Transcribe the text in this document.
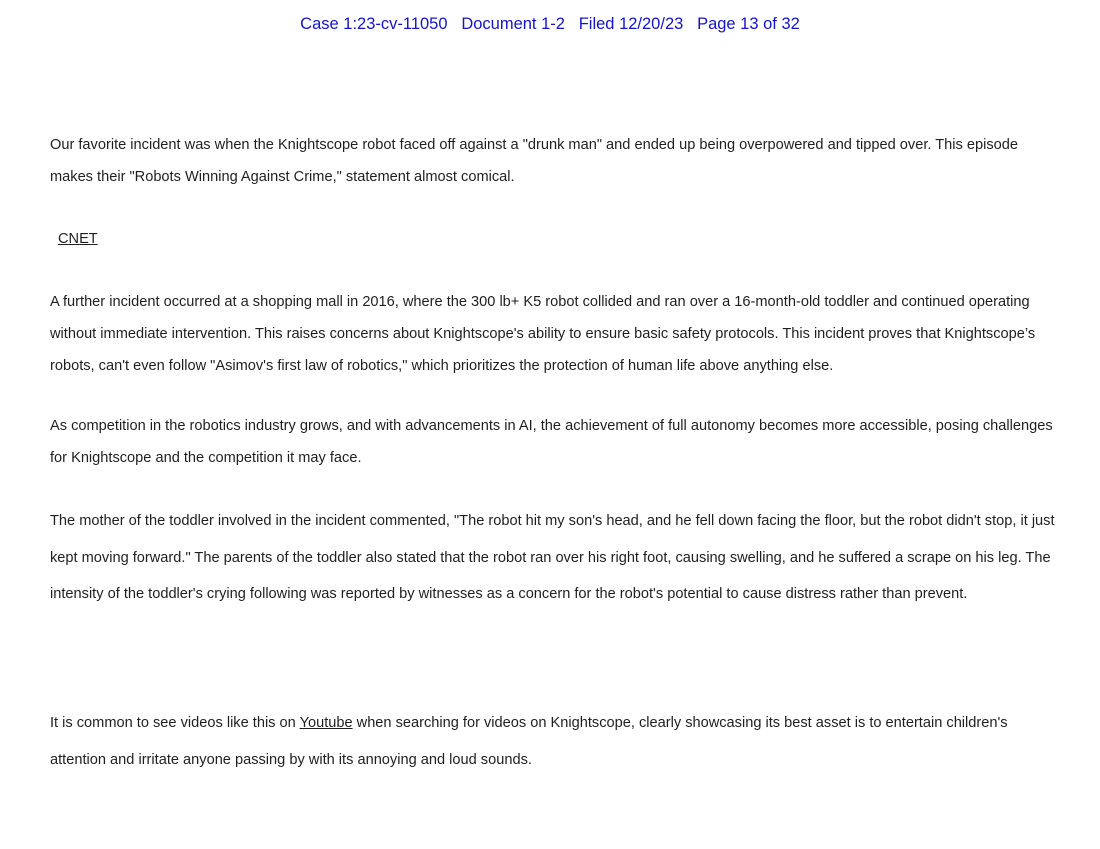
Case 1:23-cv-11050 Document 1-2 Filed 12/20/23 Page 13 of 32

Our favorite incident was when the Knightscope robot faced off against a "drunk man" and ended up being overpowered and tipped over. This episode makes their "Robots Winning Against Crime," statement almost comical.

CNET

A further incident occurred at a shopping mall in 2016, where the 300 lb+ K5 robot collided and ran over a 16-month-old toddler and continued operating without immediate intervention. This raises concerns about Knightscope's ability to ensure basic safety protocols. This incident proves that Knightscope’s robots, can't even follow "Asimov's first law of robotics," which prioritizes the protection of human life above anything else.

As competition in the robotics industry grows, and with advancements in AI, the achievement of full autonomy becomes more accessible, posing challenges for Knightscope and the competition it may face.

The mother of the toddler involved in the incident commented, "The robot hit my son's head, and he fell down facing the floor, but the robot didn't stop, it just kept moving forward." The parents of the toddler also stated that the robot ran over his right foot, causing swelling, and he suffered a scrape on his leg. The intensity of the toddler's crying following was reported by witnesses as a concern for the robot's potential to cause distress rather than prevent.

It is common to see videos like this on Youtube when searching for videos on Knightscope, clearly showcasing its best asset is to entertain children's attention and irritate anyone passing by with its annoying and loud sounds.
